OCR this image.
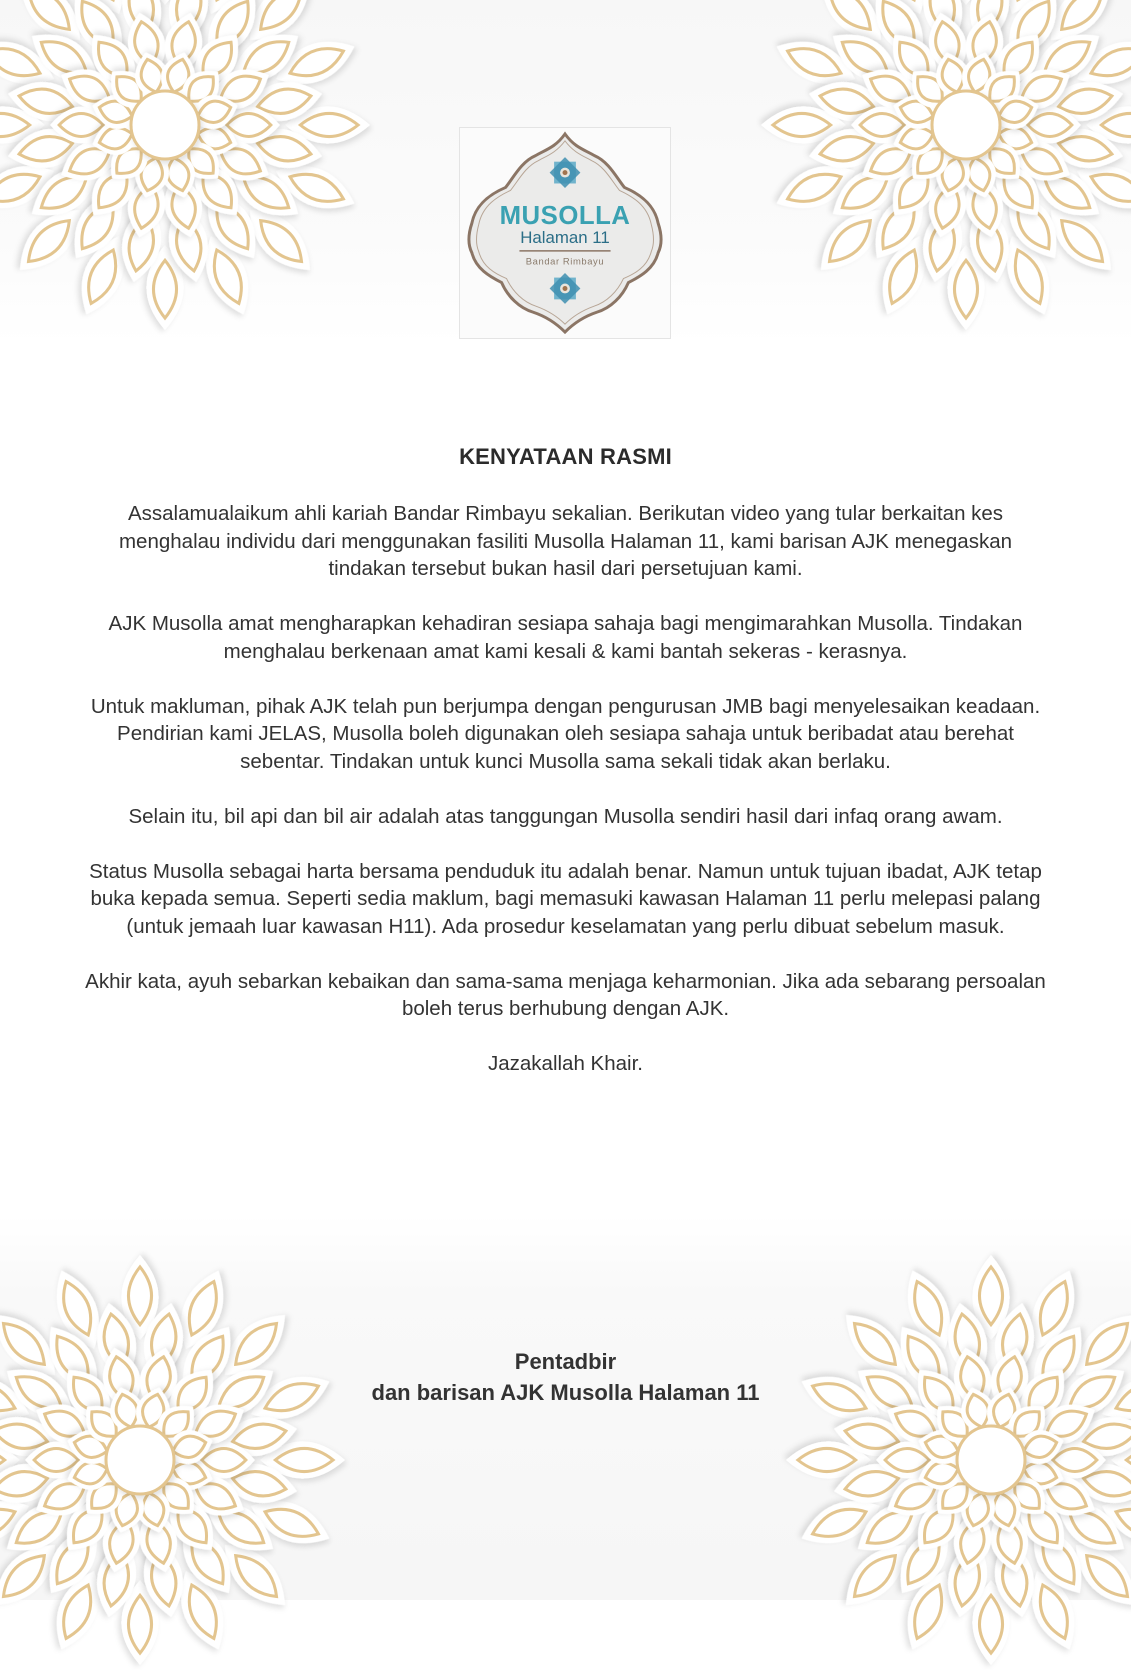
MUSOLLA
Halaman 11
Bandar Rimbayu
KENYATAAN RASMI

Assalamualaikum ahli kariah Bandar Rimbayu sekalian. Berikutan video yang tular berkaitan kes menghalau individu dari menggunakan fasiliti Musolla Halaman 11, kami barisan AJK menegaskan tindakan tersebut bukan hasil dari persetujuan kami.

AJK Musolla amat mengharapkan kehadiran sesiapa sahaja bagi mengimarahkan Musolla. Tindakan menghalau berkenaan amat kami kesali & kami bantah sekeras - kerasnya.

Untuk makluman, pihak AJK telah pun berjumpa dengan pengurusan JMB bagi menyelesaikan keadaan. Pendirian kami JELAS, Musolla boleh digunakan oleh sesiapa sahaja untuk beribadat atau berehat sebentar. Tindakan untuk kunci Musolla sama sekali tidak akan berlaku.

Selain itu, bil api dan bil air adalah atas tanggungan Musolla sendiri hasil dari infaq orang awam.

Status Musolla sebagai harta bersama penduduk itu adalah benar. Namun untuk tujuan ibadat, AJK tetap buka kepada semua. Seperti sedia maklum, bagi memasuki kawasan Halaman 11 perlu melepasi palang (untuk jemaah luar kawasan H11). Ada prosedur keselamatan yang perlu dibuat sebelum masuk.

Akhir kata, ayuh sebarkan kebaikan dan sama-sama menjaga keharmonian. Jika ada sebarang persoalan boleh terus berhubung dengan AJK.

Jazakallah Khair.

Pentadbir
dan barisan AJK Musolla Halaman 11
